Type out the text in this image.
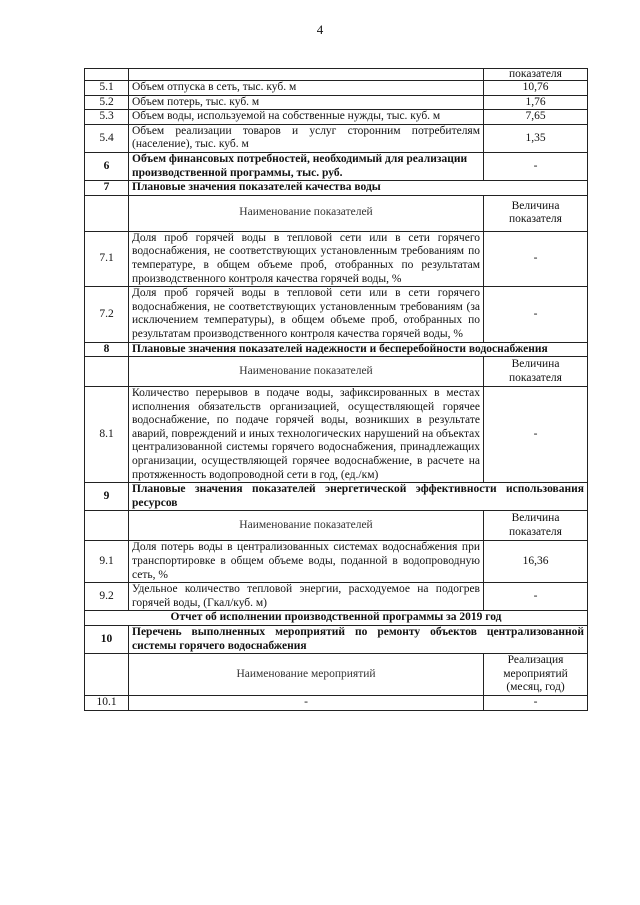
4
		показателя
5.1	Объем отпуска в сеть, тыс. куб. м	10,76
5.2	Объем потерь, тыс. куб. м	1,76
5.3	Объем воды, используемой на собственные нужды, тыс. куб. м	7,65
5.4	Объем реализации товаров и услуг сторонним потребителям (население), тыс. куб. м	1,35
6	Объем финансовых потребностей, необходимый для реализации производственной программы, тыс. руб.	-
7	Плановые значения показателей качества воды	
	Наименование показателей	Величина показателя
7.1	Доля проб горячей воды в тепловой сети или в сети горячего водоснабжения, не соответствующих установленным требованиям по температуре, в общем объеме проб, отобранных по результатам производственного контроля качества горячей воды, %	-
7.2	Доля проб горячей воды в тепловой сети или в сети горячего водоснабжения, не соответствующих установленным требованиям (за исключением температуры), в общем объеме проб, отобранных по результатам производственного контроля качества горячей воды, %	-
8	Плановые значения показателей надежности и бесперебойности водоснабжения	
	Наименование показателей	Величина показателя
8.1	Количество перерывов в подаче воды, зафиксированных в местах исполнения обязательств организацией, осуществляющей горячее водоснабжение, по подаче горячей воды, возникших в результате аварий, повреждений и иных технологических нарушений на объектах централизованной системы горячего водоснабжения, принадлежащих организации, осуществляющей горячее водоснабжение, в расчете на протяженность водопроводной сети в год, (ед./км)	-
9	Плановые значения показателей энергетической эффективности использования ресурсов	
	Наименование показателей	Величина показателя
9.1	Доля потерь воды в централизованных системах водоснабжения при транспортировке в общем объеме воды, поданной в водопроводную сеть, %	16,36
9.2	Удельное количество тепловой энергии, расходуемое на подогрев горячей воды, (Гкал/куб. м)	-
Отчет об исполнении производственной программы за 2019 год		
10	Перечень выполненных мероприятий по ремонту объектов централизованной системы горячего водоснабжения	
	Наименование мероприятий	Реализация мероприятий (месяц, год)
10.1	-	-
